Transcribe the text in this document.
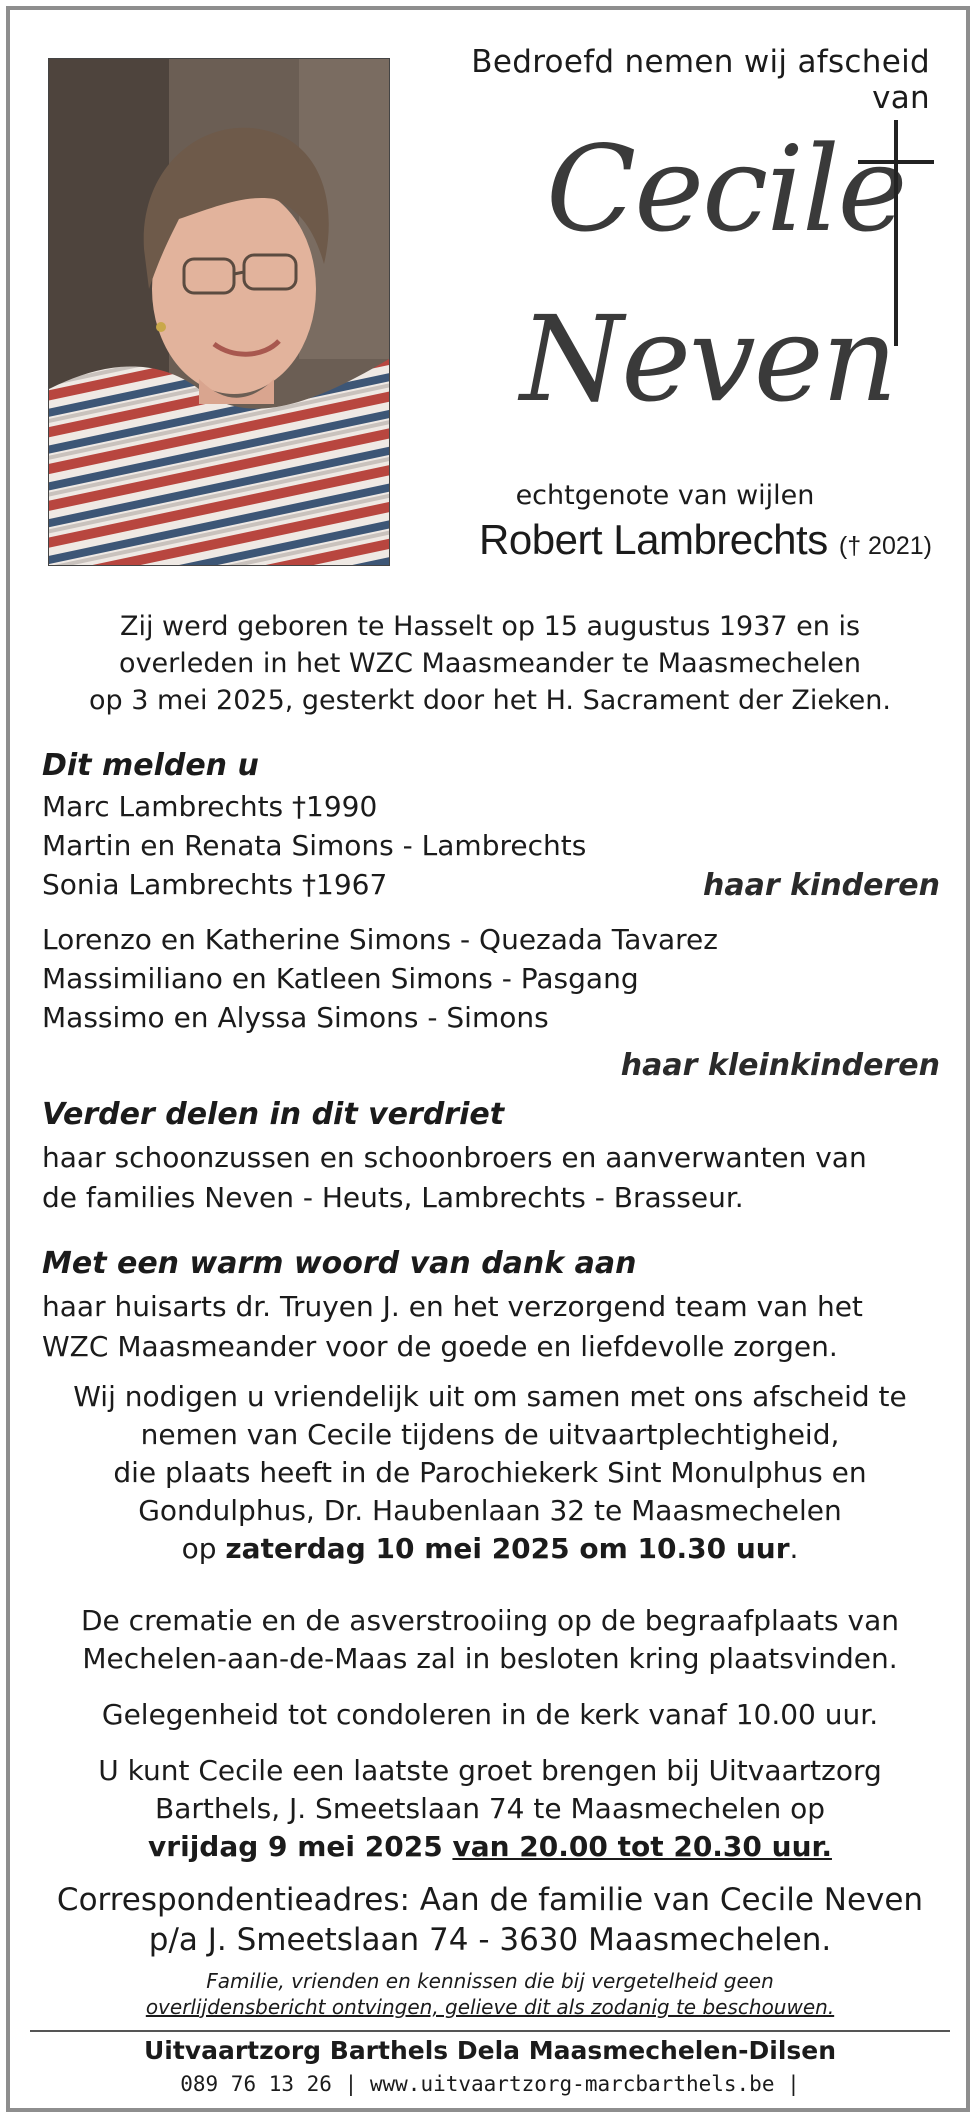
Bedroefd nemen wij afscheid van
Cecile
Neven
echtgenote van wijlen
Robert Lambrechts († 2021)
Zij werd geboren te Hasselt op 15 augustus 1937 en is
overleden in het WZC Maasmeander te Maasmechelen
op 3 mei 2025, gesterkt door het H. Sacrament der Zieken.
Dit melden u
Marc Lambrechts †1990
Martin en Renata Simons - Lambrechts
Sonia Lambrechts †1967	haar kinderen
Lorenzo en Katherine Simons - Quezada Tavarez
Massimiliano en Katleen Simons - Pasgang
Massimo en Alyssa Simons - Simons
haar kleinkinderen
Verder delen in dit verdriet
haar schoonzussen en schoonbroers en aanverwanten van
de families Neven - Heuts, Lambrechts - Brasseur.
Met een warm woord van dank aan
haar huisarts dr. Truyen J. en het verzorgend team van het
WZC Maasmeander voor de goede en liefdevolle zorgen.
Wij nodigen u vriendelijk uit om samen met ons afscheid te
nemen van Cecile tijdens de uitvaartplechtigheid,
die plaats heeft in de Parochiekerk Sint Monulphus en
Gondulphus, Dr. Haubenlaan 32 te Maasmechelen
op zaterdag 10 mei 2025 om 10.30 uur.
De crematie en de asverstrooiing op de begraafplaats van
Mechelen-aan-de-Maas zal in besloten kring plaatsvinden.
Gelegenheid tot condoleren in de kerk vanaf 10.00 uur.
U kunt Cecile een laatste groet brengen bij Uitvaartzorg
Barthels, J. Smeetslaan 74 te Maasmechelen op
vrijdag 9 mei 2025 van 20.00 tot 20.30 uur.
Correspondentieadres: Aan de familie van Cecile Neven
p/a J. Smeetslaan 74 - 3630 Maasmechelen.
Familie, vrienden en kennissen die bij vergetelheid geen
overlijdensbericht ontvingen, gelieve dit als zodanig te beschouwen.
Uitvaartzorg Barthels Dela Maasmechelen-Dilsen
089 76 13 26 | www.uitvaartzorg-marcbarthels.be |
